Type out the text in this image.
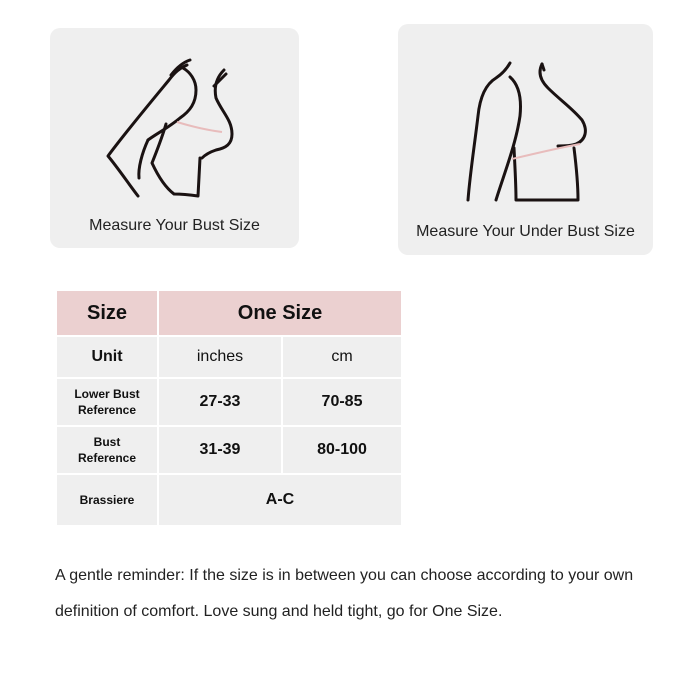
Measure Your Bust Size	Measure Your Under Bust Size
Size	One Size	
Unit	inches	cm
Lower Bust
Reference	27-33	70-85
Bust
Reference	31-39	80-100
Brassiere	A-C	

A gentle reminder: If the size is in between you can choose according to your own definition of comfort. Love sung and held tight, go for One Size.
